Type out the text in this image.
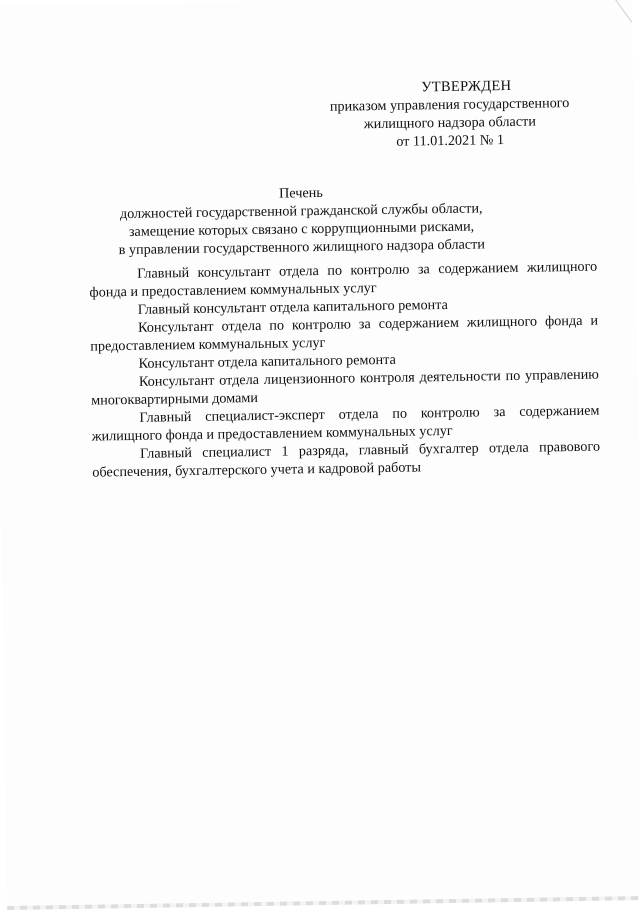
УТВЕРЖДЕН
приказом управления государственного
жилищного надзора области
от 11.01.2021 № 1
Печень
должностей государственной гражданской службы области,
замещение которых связано с коррупционными рисками,
в управлении государственного жилищного надзора области

Главный консультант отдела по контролю за содержанием жилищного фонда и предоставлением коммунальных услуг

Главный консультант отдела капитального ремонта

Консультант отдела по контролю за содержанием жилищного фонда и предоставлением коммунальных услуг

Консультант отдела капитального ремонта

Консультант отдела лицензионного контроля деятельности по управлению многоквартирными домами

Главный специалист-эксперт отдела по контролю за содержанием жилищного фонда и предоставлением коммунальных услуг

Главный специалист 1 разряда, главный бухгалтер отдела правового обеспечения, бухгалтерского учета и кадровой работы
